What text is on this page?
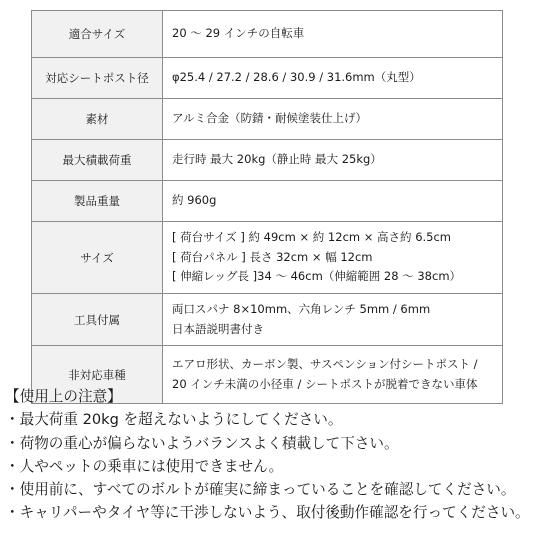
適合サイズ	20 ～ 29 インチの自転車

対応シートポスト径	φ25.4 / 27.2 / 28.6 / 30.9 / 31.6mm（丸型）

素材	アルミ合金（防錆・耐候塗装仕上げ）

最大積載荷重	走行時 最大 20kg（静止時 最大 25kg）

製品重量	約 960g

サイズ	[ 荷台サイズ ] 約 49cm × 約 12cm × 高さ約 6.5cm
[ 荷台パネル ] 長さ 32cm × 幅 12cm
[ 伸縮レッグ長 ]34 ～ 46cm（伸縮範囲 28 ～ 38cm）

工具付属	両口スパナ 8×10mm、六角レンチ 5mm / 6mm
日本語説明書付き

非対応車種	エアロ形状、カーボン製、サスペンション付シートポスト /
20 インチ未満の小径車 / シートポストが脱着できない車体
【使用上の注意】
・最大荷重 20kg を超えないようにしてください。
・荷物の重心が偏らないようバランスよく積載して下さい。
・人やペットの乗車には使用できません。
・使用前に、すべてのボルトが確実に締まっていることを確認してください。
・キャリパーやタイヤ等に干渉しないよう、取付後動作確認を行ってください。
